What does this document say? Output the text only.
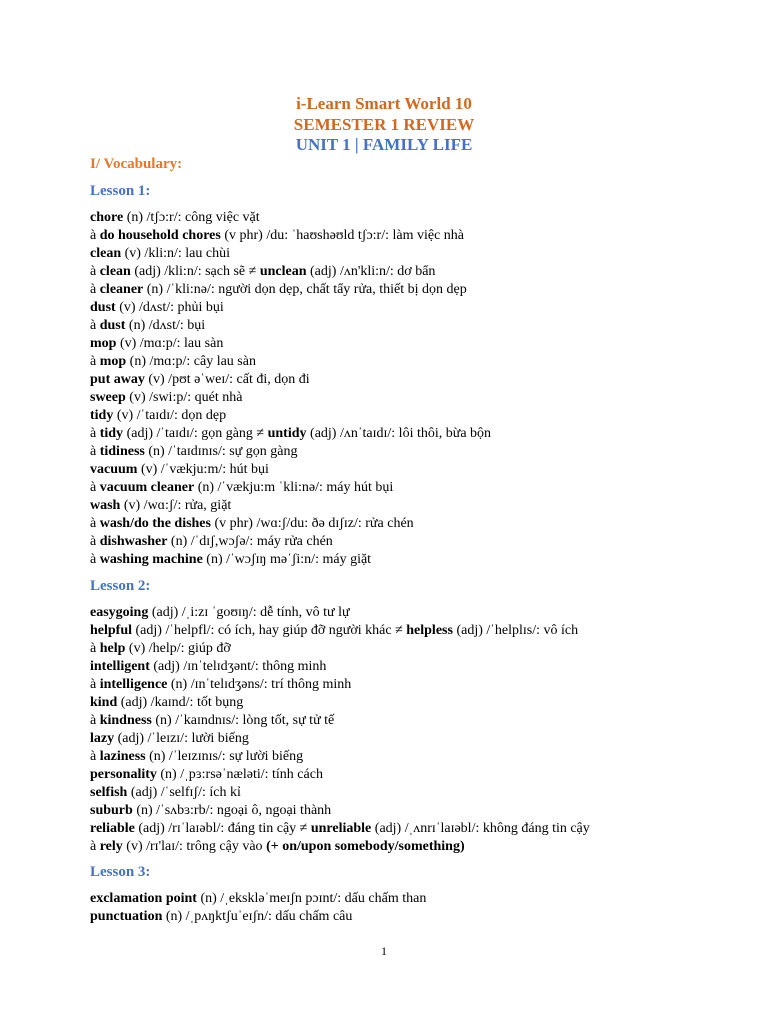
i-Learn Smart World 10
SEMESTER 1 REVIEW
UNIT 1 | FAMILY LIFE
I/ Vocabulary:
Lesson 1:
chore (n) /tʃɔ:r/: công việc vặt
à do household chores (v phr) /du: ˈhaʊshəʊld tʃɔ:r/: làm việc nhà
clean (v) /kli:n/: lau chùi
à clean (adj) /kli:n/: sạch sẽ ≠ unclean (adj) /ʌn'kli:n/: dơ bẩn
à cleaner (n) /ˈkli:nə/: người dọn dẹp, chất tẩy rửa, thiết bị dọn dẹp
dust (v) /dʌst/: phủi bụi
à dust (n) /dʌst/: bụi
mop (v) /mɑ:p/: lau sàn
à mop (n) /mɑ:p/: cây lau sàn
put away (v) /pʊt əˈweɪ/: cất đi, dọn đi
sweep (v) /swi:p/: quét nhà
tidy (v) /ˈtaɪdɪ/: dọn dẹp
à tidy (adj) /ˈtaɪdɪ/: gọn gàng ≠ untidy (adj) /ʌnˈtaɪdɪ/: lôi thôi, bừa bộn
à tidiness (n) /ˈtaɪdɪnɪs/: sự gọn gàng
vacuum (v) /ˈvækju:m/: hút bụi
à vacuum cleaner (n) /ˈvækju:m ˈkli:nə/: máy hút bụi
wash (v) /wɑ:ʃ/: rửa, giặt
à wash/do the dishes (v phr) /wɑ:ʃ/du: ðə dɪʃɪz/: rửa chén
à dishwasher (n) /ˈdɪʃ,wɔʃə/: máy rửa chén
à washing machine (n) /ˈwɔʃɪŋ məˈʃi:n/: máy giặt
Lesson 2:
easygoing (adj) /ˌi:zɪ ˈgoʊɪŋ/: dễ tính, vô tư lự
helpful (adj) /ˈhelpfl/: có ích, hay giúp đỡ người khác ≠ helpless (adj) /ˈhelplɪs/: vô ích
à help (v) /help/: giúp đỡ
intelligent (adj) /ɪnˈtelɪdʒənt/: thông minh
à intelligence (n) /ɪnˈtelɪdʒəns/: trí thông minh
kind (adj) /kaɪnd/: tốt bụng
à kindness (n) /ˈkaɪndnɪs/: lòng tốt, sự tử tế
lazy (adj) /ˈleɪzɪ/: lười biếng
à laziness (n) /ˈleɪzɪnɪs/: sự lười biếng
personality (n) /ˌpɜ:rsəˈnæləti/: tính cách
selfish (adj) /ˈselfɪʃ/: ích kỉ
suburb (n) /ˈsʌbɜ:rb/: ngoại ô, ngoại thành
reliable (adj) /rɪˈlaɪəbl/: đáng tin cậy ≠ unreliable (adj) /ˌʌnrɪˈlaɪəbl/: không đáng tin cậy
à rely (v) /rɪ'laɪ/: trông cậy vào (+ on/upon somebody/something)
Lesson 3:
exclamation point (n) /ˌekskləˈmeɪʃn pɔɪnt/: dấu chấm than
punctuation (n) /ˌpʌŋktʃuˈeɪʃn/: dấu chấm câu
1
